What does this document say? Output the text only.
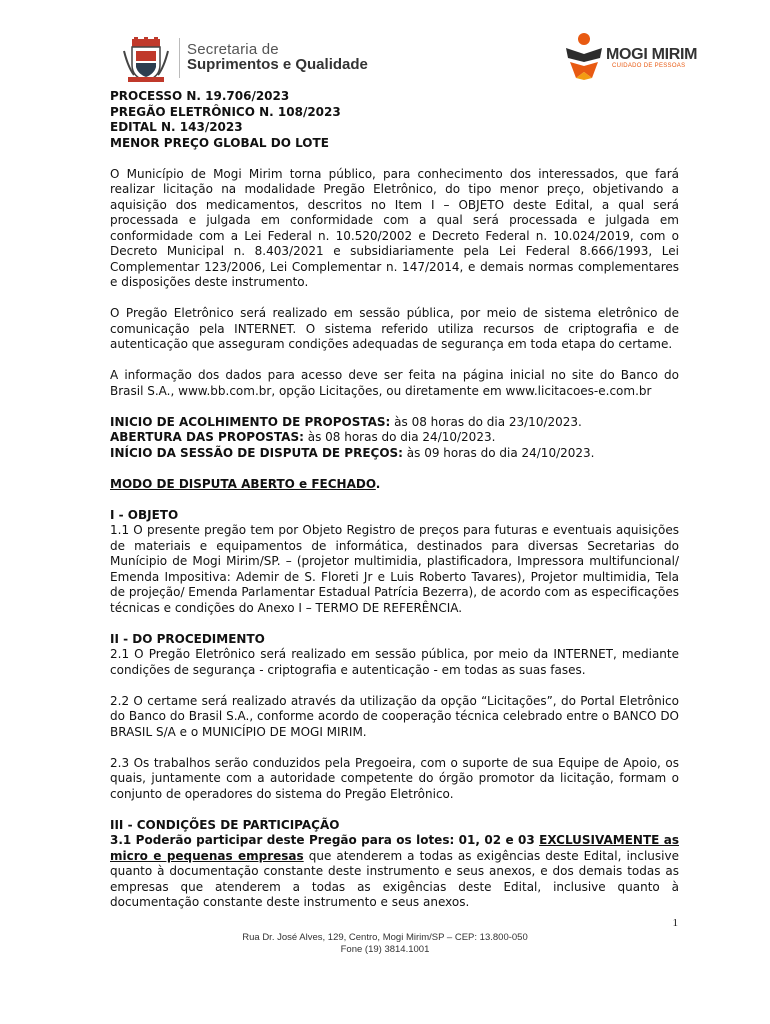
Secretaria de
Suprimentos e Qualidade
MOGI MIRIM
CUIDADO DE PESSOAS

PROCESSO N. 19.706/2023

PREGÃO ELETRÔNICO N. 108/2023

EDITAL N. 143/2023

MENOR PREÇO GLOBAL DO LOTE

O Município de Mogi Mirim torna público, para conhecimento dos interessados, que fará realizar licitação na modalidade Pregão Eletrônico, do tipo menor preço, objetivando a aquisição dos medicamentos, descritos no Item I – OBJETO deste Edital, a qual será processada e julgada em conformidade com a qual será processada e julgada em conformidade com a Lei Federal n. 10.520/2002 e Decreto Federal n. 10.024/2019, com o Decreto Municipal n. 8.403/2021 e subsidiariamente pela Lei Federal 8.666/1993, Lei Complementar 123/2006, Lei Complementar n. 147/2014, e demais normas complementares e disposições deste instrumento.

O Pregão Eletrônico será realizado em sessão pública, por meio de sistema eletrônico de comunicação pela INTERNET. O sistema referido utiliza recursos de criptografia e de autenticação que asseguram condições adequadas de segurança em toda etapa do certame.

A informação dos dados para acesso deve ser feita na página inicial no site do Banco do Brasil S.A., www.bb.com.br, opção Licitações, ou diretamente em www.licitacoes-e.com.br

INICIO DE ACOLHIMENTO DE PROPOSTAS: às 08 horas do dia 23/10/2023.

ABERTURA DAS PROPOSTAS: às 08 horas do dia 24/10/2023.

INÍCIO DA SESSÃO DE DISPUTA DE PREÇOS: às 09 horas do dia 24/10/2023.

MODO DE DISPUTA ABERTO e FECHADO.

I - OBJETO

1.1 O presente pregão tem por Objeto Registro de preços para futuras e eventuais aquisições de materiais e equipamentos de informática, destinados para diversas Secretarias do Munícipio de Mogi Mirim/SP. – (projetor multimidia, plastificadora, Impressora multifuncional/ Emenda Impositiva: Ademir de S. Floreti Jr e Luis Roberto Tavares), Projetor multimidia, Tela de projeção/ Emenda Parlamentar Estadual Patrícia Bezerra), de acordo com as especificações técnicas e condições do Anexo I – TERMO DE REFERÊNCIA.

II - DO PROCEDIMENTO

2.1 O Pregão Eletrônico será realizado em sessão pública, por meio da INTERNET, mediante condições de segurança - criptografia e autenticação - em todas as suas fases.

2.2 O certame será realizado através da utilização da opção “Licitações”, do Portal Eletrônico do Banco do Brasil S.A., conforme acordo de cooperação técnica celebrado entre o BANCO DO BRASIL S/A e o MUNICÍPIO DE MOGI MIRIM.

2.3 Os trabalhos serão conduzidos pela Pregoeira, com o suporte de sua Equipe de Apoio, os quais, juntamente com a autoridade competente do órgão promotor da licitação, formam o conjunto de operadores do sistema do Pregão Eletrônico.

III - CONDIÇÕES DE PARTICIPAÇÃO

3.1 Poderão participar deste Pregão para os lotes: 01, 02 e 03 EXCLUSIVAMENTE as micro e pequenas empresas que atenderem a todas as exigências deste Edital, inclusive quanto à documentação constante deste instrumento e seus anexos, e dos demais todas as empresas que atenderem a todas as exigências deste Edital, inclusive quanto à documentação constante deste instrumento e seus anexos.

1
Rua Dr. José Alves, 129, Centro, Mogi Mirim/SP – CEP: 13.800-050
Fone (19) 3814.1001
